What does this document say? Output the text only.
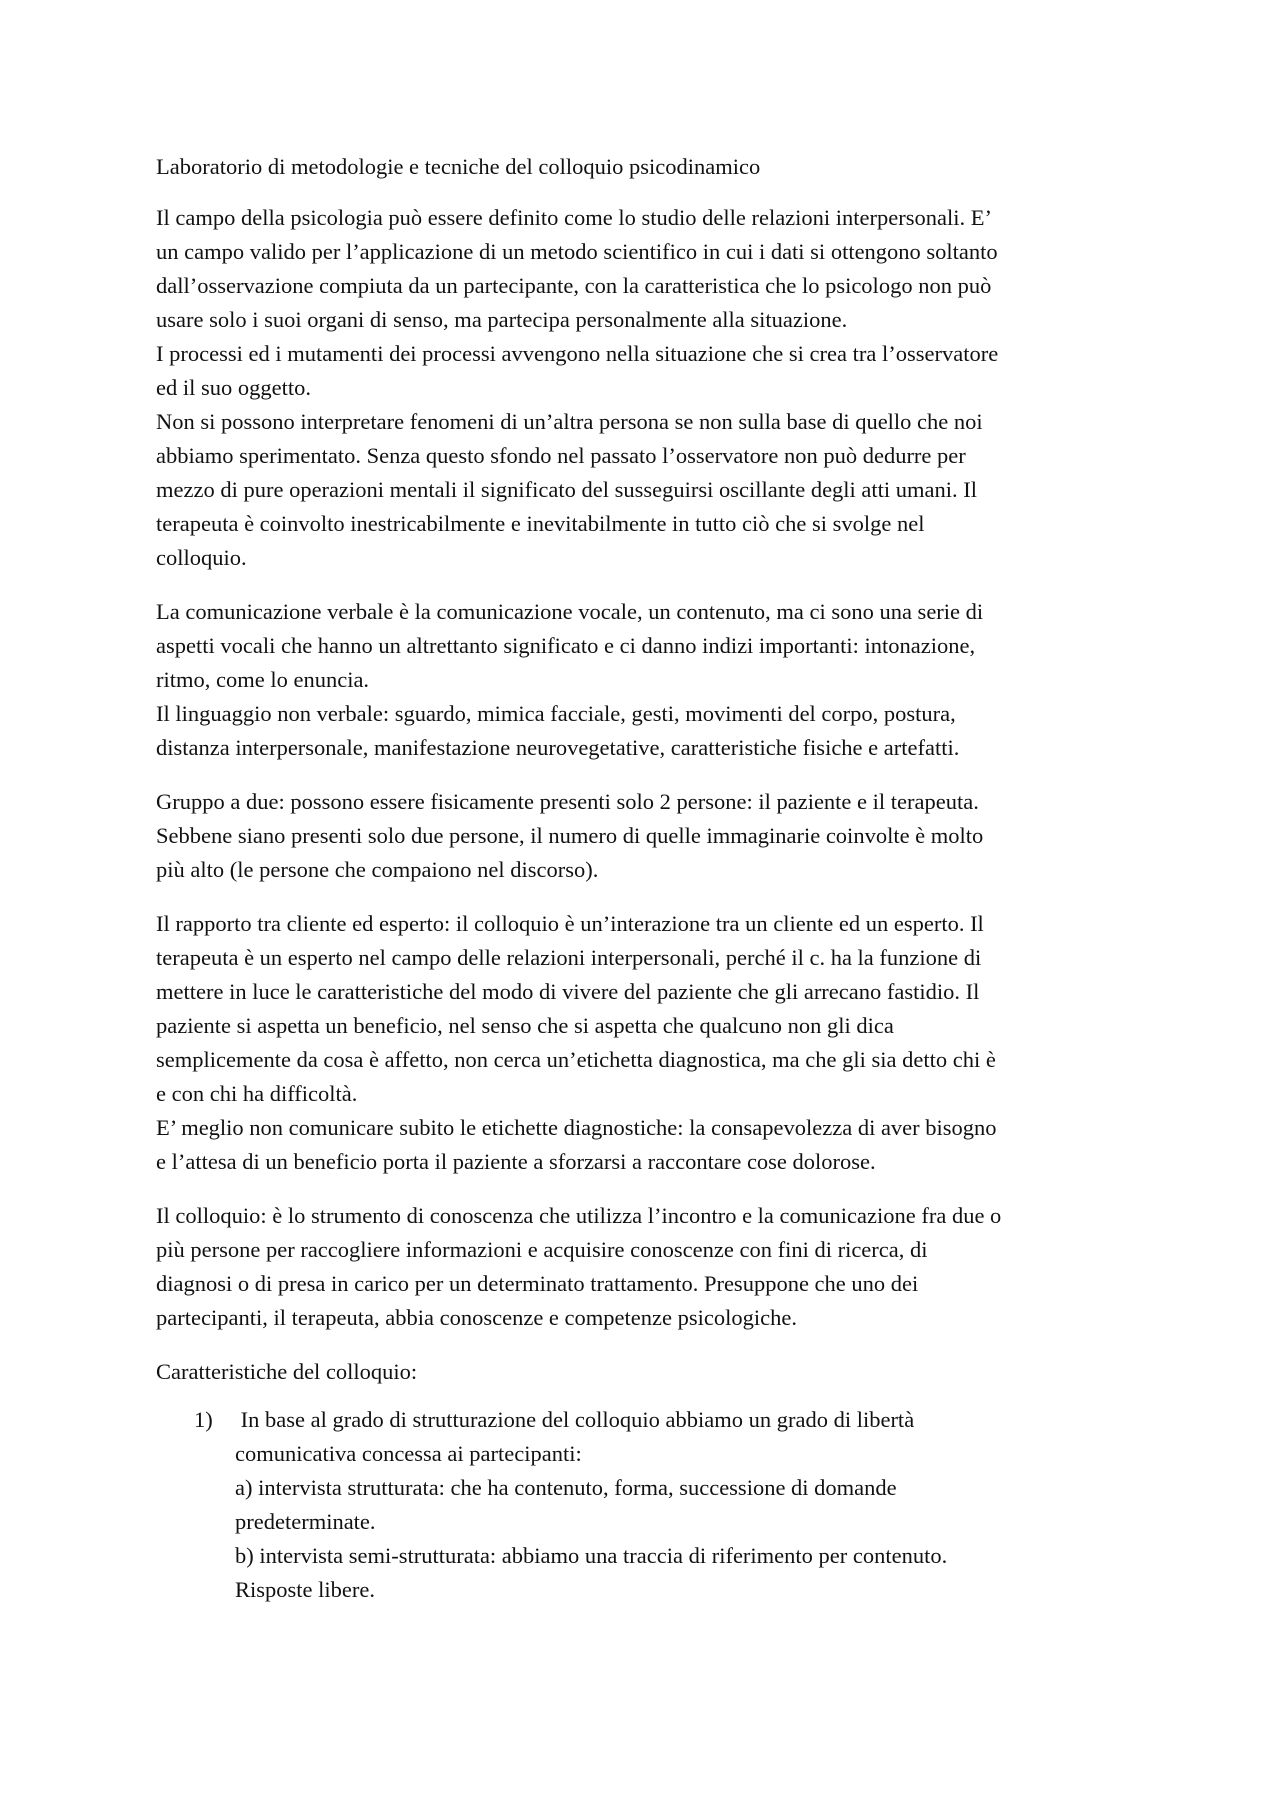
Laboratorio di metodologie e tecniche del colloquio psicodinamico

Il campo della psicologia può essere definito come lo studio delle relazioni interpersonali. E’
un campo valido per l’applicazione di un metodo scientifico in cui i dati si ottengono soltanto
dall’osservazione compiuta da un partecipante, con la caratteristica che lo psicologo non può
usare solo i suoi organi di senso, ma partecipa personalmente alla situazione.
I processi ed i mutamenti dei processi avvengono nella situazione che si crea tra l’osservatore
ed il suo oggetto.
Non si possono interpretare fenomeni di un’altra persona se non sulla base di quello che noi
abbiamo sperimentato. Senza questo sfondo nel passato l’osservatore non può dedurre per
mezzo di pure operazioni mentali il significato del susseguirsi oscillante degli atti umani. Il
terapeuta è coinvolto inestricabilmente e inevitabilmente in tutto ciò che si svolge nel
colloquio.

La comunicazione verbale è la comunicazione vocale, un contenuto, ma ci sono una serie di
aspetti vocali che hanno un altrettanto significato e ci danno indizi importanti: intonazione,
ritmo, come lo enuncia.
Il linguaggio non verbale: sguardo, mimica facciale, gesti, movimenti del corpo, postura,
distanza interpersonale, manifestazione neurovegetative, caratteristiche fisiche e artefatti.

Gruppo a due: possono essere fisicamente presenti solo 2 persone: il paziente e il terapeuta.
Sebbene siano presenti solo due persone, il numero di quelle immaginarie coinvolte è molto
più alto (le persone che compaiono nel discorso).

Il rapporto tra cliente ed esperto: il colloquio è un’interazione tra un cliente ed un esperto. Il
terapeuta è un esperto nel campo delle relazioni interpersonali, perché il c. ha la funzione di
mettere in luce le caratteristiche del modo di vivere del paziente che gli arrecano fastidio. Il
paziente si aspetta un beneficio, nel senso che si aspetta che qualcuno non gli dica
semplicemente da cosa è affetto, non cerca un’etichetta diagnostica, ma che gli sia detto chi è
e con chi ha difficoltà.
E’ meglio non comunicare subito le etichette diagnostiche: la consapevolezza di aver bisogno
e l’attesa di un beneficio porta il paziente a sforzarsi a raccontare cose dolorose.

Il colloquio: è lo strumento di conoscenza che utilizza l’incontro e la comunicazione fra due o
più persone per raccogliere informazioni e acquisire conoscenze con fini di ricerca, di
diagnosi o di presa in carico per un determinato trattamento. Presuppone che uno dei
partecipanti, il terapeuta, abbia conoscenze e competenze psicologiche.

Caratteristiche del colloquio:

1) In base al grado di strutturazione del colloquio abbiamo un grado di libertà
comunicativa concessa ai partecipanti:
a) intervista strutturata: che ha contenuto, forma, successione di domande
predeterminate.
b) intervista semi-strutturata: abbiamo una traccia di riferimento per contenuto.
Risposte libere.
